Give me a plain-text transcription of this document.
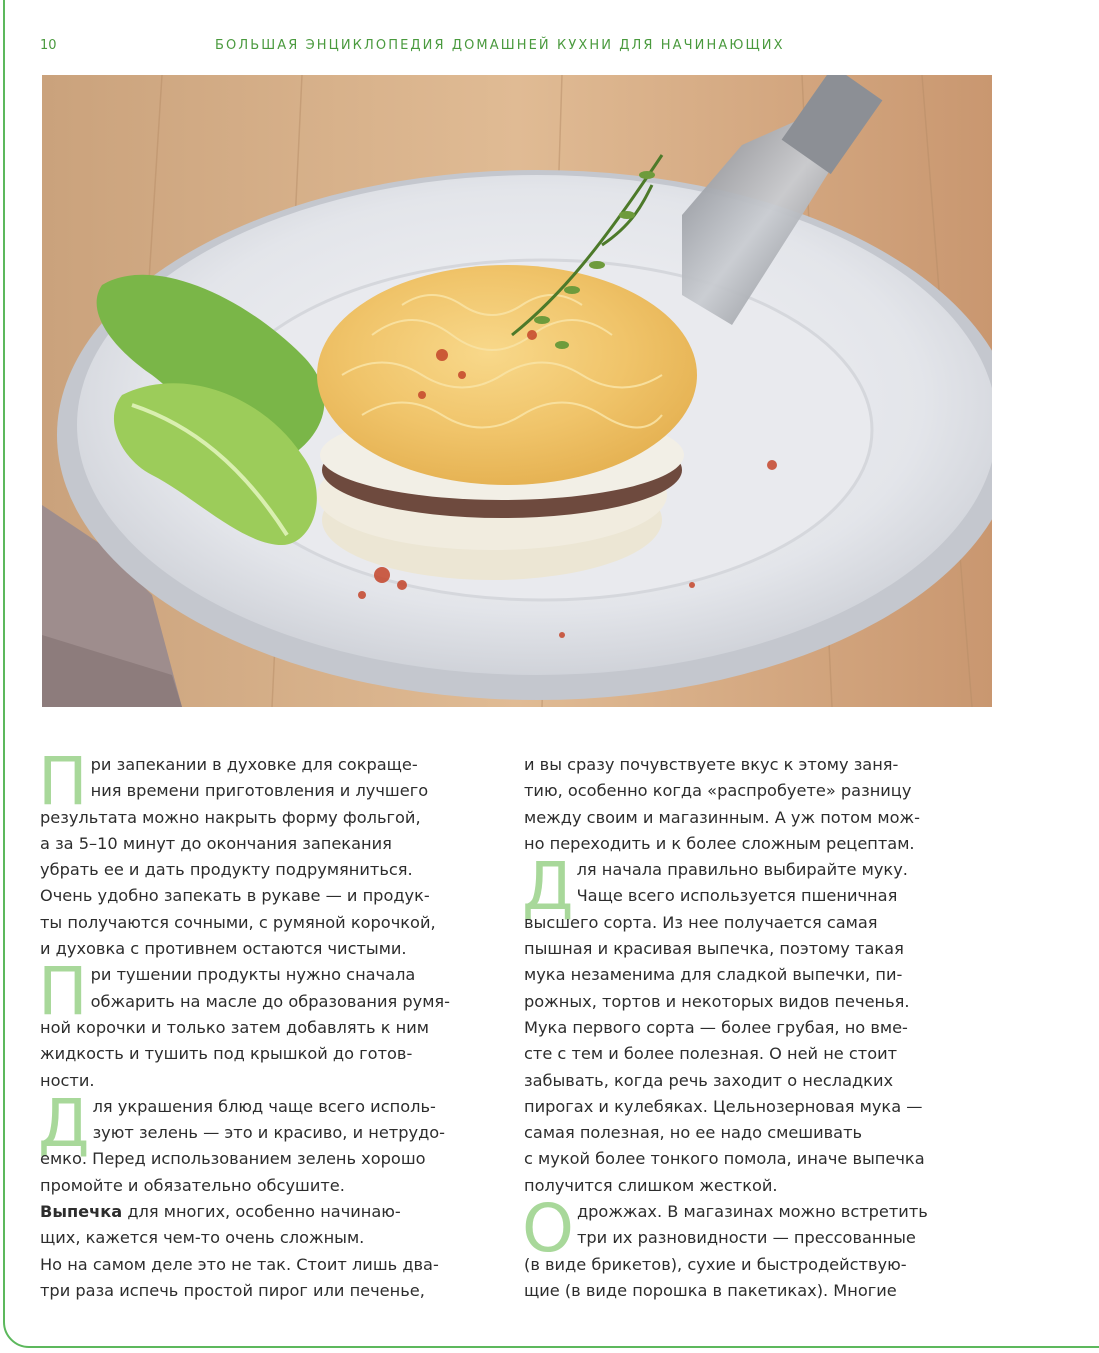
10	БОЛЬШАЯ ЭНЦИКЛОПЕДИЯ ДОМАШНЕЙ КУХНИ ДЛЯ НАЧИНАЮЩИХ

При запекании в духовке для сокраще-
ния времени приготовления и лучшего
результата можно накрыть форму фольгой,
а за 5–10 минут до окончания запекания
убрать ее и дать продукту подрумяниться.
Очень удобно запекать в рукаве — и продук-
ты получаются сочными, с румяной корочкой,
и духовка с противнем остаются чистыми.

При тушении продукты нужно сначала
обжарить на масле до образования румя-
ной корочки и только затем добавлять к ним
жидкость и тушить под крышкой до готов-
ности.

Для украшения блюд чаще всего исполь-
зуют зелень — это и красиво, и нетрудо-
емко. Перед использованием зелень хорошо
промойте и обязательно обсушите.

Выпечка для многих, особенно начинаю-
щих, кажется чем-то очень сложным.
Но на самом деле это не так. Стоит лишь два-
три раза испечь простой пирог или печенье,

и вы сразу почувствуете вкус к этому заня-
тию, особенно когда «распробуете» разницу
между своим и магазинным. А уж потом мож-
но переходить и к более сложным рецептам.

Для начала правильно выбирайте муку.
Чаще всего используется пшеничная
высшего сорта. Из нее получается самая
пышная и красивая выпечка, поэтому такая
мука незаменима для сладкой выпечки, пи-
рожных, тортов и некоторых видов печенья.
Мука первого сорта — более грубая, но вме-
сте с тем и более полезная. О ней не стоит
забывать, когда речь заходит о несладких
пирогах и кулебяках. Цельнозерновая мука —
самая полезная, но ее надо смешивать
с мукой более тонкого помола, иначе выпечка
получится слишком жесткой.

О дрожжах. В магазинах можно встретить
три их разновидности — прессованные
(в виде брикетов), сухие и быстродействую-
щие (в виде порошка в пакетиках). Многие
